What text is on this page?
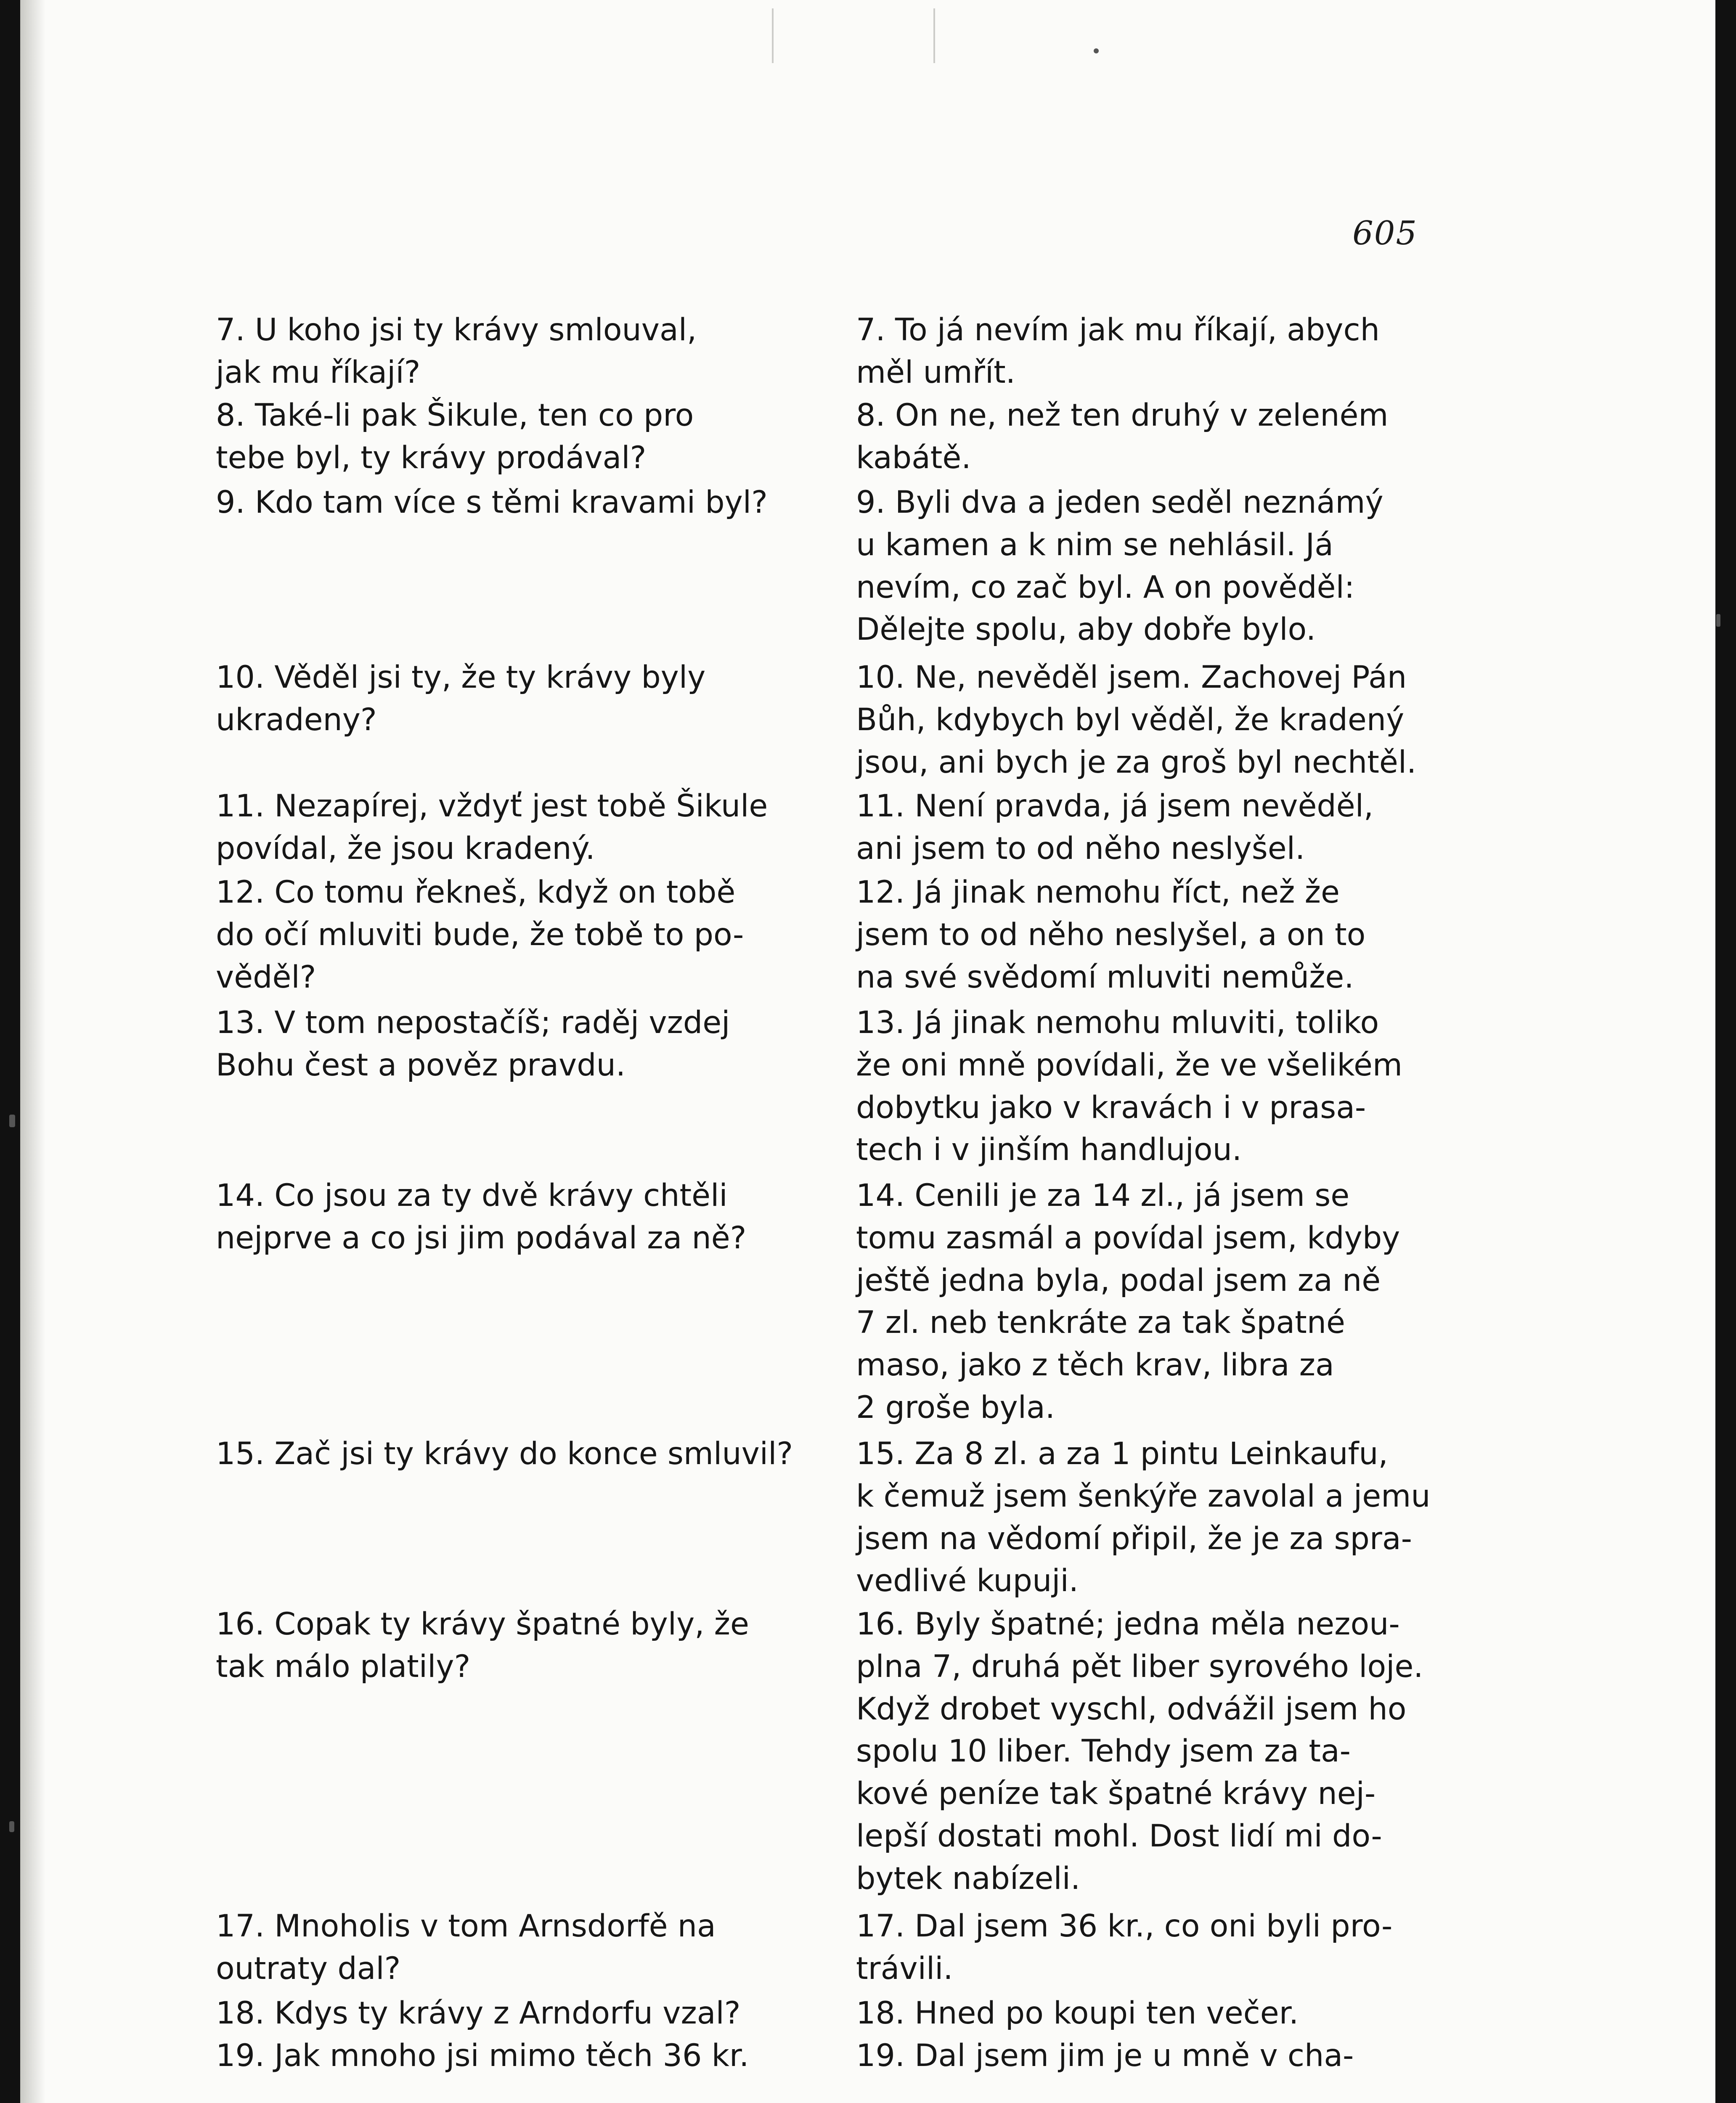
605

7. U koho jsi ty krávy smlouval,
jak mu říkají?
8. Také-li pak Šikule, ten co pro
tebe byl, ty krávy prodával?
9. Kdo tam více s těmi kravami byl?
10. Věděl jsi ty, že ty krávy byly
ukradeny?
11. Nezapírej, vždyť jest tobě Šikule
povídal, že jsou kradený.
12. Co tomu řekneš, když on tobě
do očí mluviti bude, že tobě to po-
věděl?
13. V tom nepostačíš; raděj vzdej
Bohu čest a pověz pravdu.
14. Co jsou za ty dvě krávy chtěli
nejprve a co jsi jim podával za ně?
15. Zač jsi ty krávy do konce smluvil?
16. Copak ty krávy špatné byly, že
tak málo platily?
17. Mnoholis v tom Arnsdorfě na
outraty dal?
18. Kdys ty krávy z Arndorfu vzal?
19. Jak mnoho jsi mimo těch 36 kr.
7. To já nevím jak mu říkají, abych
měl umřít.
8. On ne, než ten druhý v zeleném
kabátě.
9. Byli dva a jeden seděl neznámý
u kamen a k nim se nehlásil. Já
nevím, co zač byl. A on pověděl:
Dělejte spolu, aby dobře bylo.
10. Ne, nevěděl jsem. Zachovej Pán
Bůh, kdybych byl věděl, že kradený
jsou, ani bych je za groš byl nechtěl.
11. Není pravda, já jsem nevěděl,
ani jsem to od něho neslyšel.
12. Já jinak nemohu říct, než že
jsem to od něho neslyšel, a on to
na své svědomí mluviti nemůže.
13. Já jinak nemohu mluviti, toliko
že oni mně povídali, že ve všelikém
dobytku jako v kravách i v prasa-
tech i v jinším handlujou.
14. Cenili je za 14 zl., já jsem se
tomu zasmál a povídal jsem, kdyby
ještě jedna byla, podal jsem za ně
7 zl. neb tenkráte za tak špatné
maso, jako z těch krav, libra za
2 groše byla.
15. Za 8 zl. a za 1 pintu Leinkaufu,
k čemuž jsem šenkýře zavolal a jemu
jsem na vědomí připil, že je za spra-
vedlivé kupuji.
16. Byly špatné; jedna měla nezou-
plna 7, druhá pět liber syrového loje.
Když drobet vyschl, odvážil jsem ho
spolu 10 liber. Tehdy jsem za ta-
kové peníze tak špatné krávy nej-
lepší dostati mohl. Dost lidí mi do-
bytek nabízeli.
17. Dal jsem 36 kr., co oni byli pro-
trávili.
18. Hned po koupi ten večer.
19. Dal jsem jim je u mně v cha-
